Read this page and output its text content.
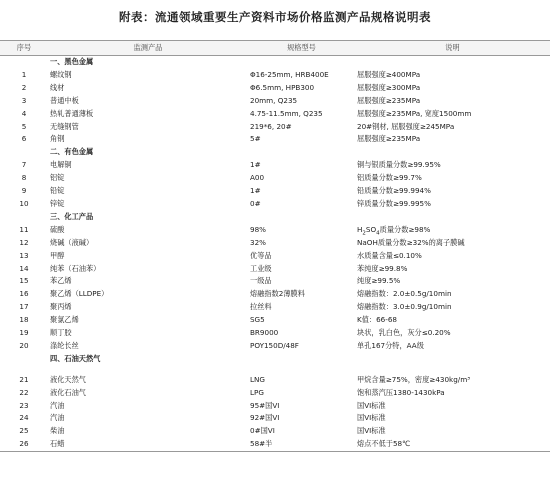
附表：流通领域重要生产资料市场价格监测产品规格说明表
序号	监测产品	规格型号	说明
	一、黑色金属		
1	螺纹钢	Φ16-25mm, HRB400E	屈服强度≥400MPa
2	线材	Φ6.5mm, HPB300	屈服强度≥300MPa
3	普通中板	20mm, Q235	屈服强度≥235MPa
4	热轧普通薄板	4.75-11.5mm, Q235	屈服强度≥235MPa, 宽度1500mm
5	无缝钢管	219*6, 20#	20#钢材, 屈服强度≥245MPa
6	角钢	5#	屈服强度≥235MPa
	二、有色金属		
7	电解铜	1#	铜与银质量分数≥99.95%
8	铝锭	A00	铝质量分数≥99.7%
9	铅锭	1#	铅质量分数≥99.994%
10	锌锭	0#	锌质量分数≥99.995%
	三、化工产品		
11	硫酸	98%	$H_2SO_4$质量分数≥98%
12	烧碱（液碱）	32%	NaOH质量分数≥32%的离子膜碱
13	甲醇	优等品	水质量含量≤0.10%
14	纯苯（石油苯）	工业级	苯纯度≥99.8%
15	苯乙烯	一级品	纯度≥99.5%
16	聚乙烯（LLDPE）	熔融指数2薄膜料	熔融指数：2.0±0.5g/10min
17	聚丙烯	拉丝料	熔融指数：3.0±0.9g/10min
18	聚氯乙烯	SG5	K值：66-68
19	顺丁胶	BR9000	块状，乳白色，灰分≤0.20%
20	涤纶长丝	POY150D/48F	单孔167分特，AA级
	四、石油天然气		

21	液化天然气	LNG	甲烷含量≥75%，密度≥430kg/m³
22	液化石油气	LPG	饱和蒸汽压1380-1430kPa
23	汽油	95#国VI	国VI标准
24	汽油	92#国VI	国VI标准
25	柴油	0#国VI	国VI标准
26	石蜡	58#半	熔点不低于58℃
